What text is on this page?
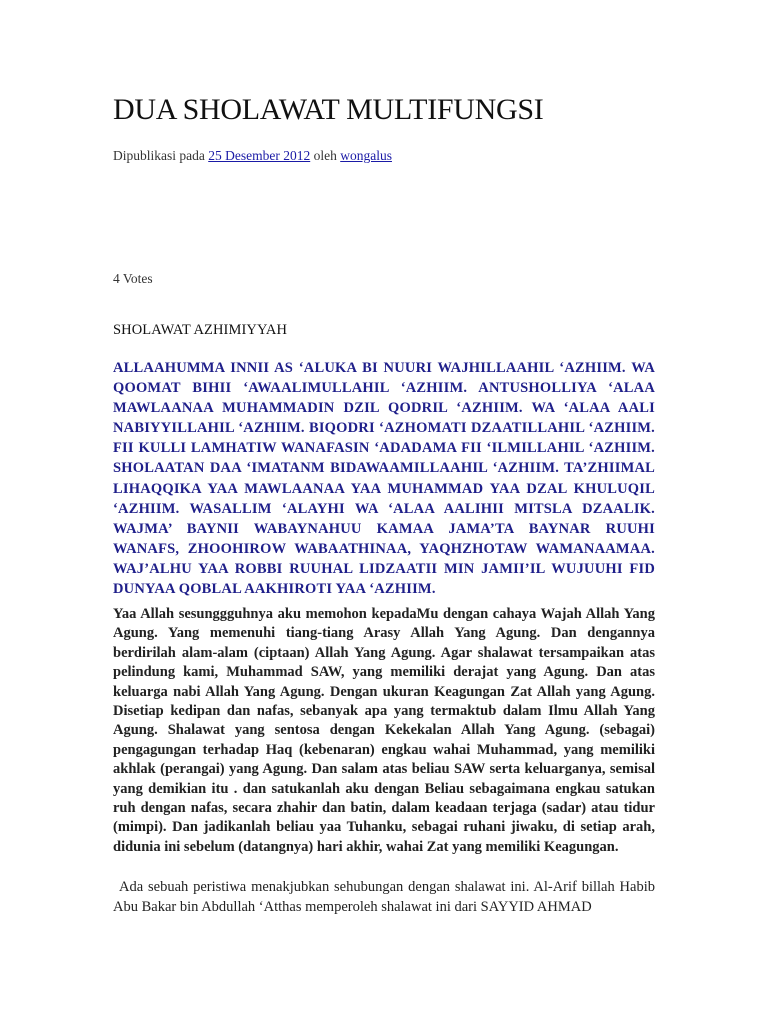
DUA SHOLAWAT MULTIFUNGSI
Dipublikasi pada 25 Desember 2012 oleh wongalus
4 Votes
SHOLAWAT AZHIMIYYAH

ALLAAHUMMA INNII AS ‘ALUKA BI NUURI WAJHILLAAHIL ‘AZHIIM. WA QOOMAT BIHII ‘AWAALIMULLAHIL ‘AZHIIM. ANTUSHOLLIYA ‘ALAA MAWLAANAA MUHAMMADIN DZIL QODRIL ‘AZHIIM. WA ‘ALAA AALI NABIYYILLAHIL ‘AZHIIM. BIQODRI ‘AZHOMATI DZAATILLAHIL ‘AZHIIM. FII KULLI LAMHATIW WANAFASIN ‘ADADAMA FII ‘ILMILLAHIL ‘AZHIIM. SHOLAATAN DAA ‘IMATANM BIDAWAAMILLAAHIL ‘AZHIIM. TA’ZHIIMAL LIHAQQIKA YAA MAWLAANAA YAA MUHAMMAD YAA DZAL KHULUQIL ‘AZHIIM. WASALLIM ‘ALAYHI WA ‘ALAA AALIHII MITSLA DZAALIK. WAJMA’ BAYNII WABAYNAHUU KAMAA JAMA’TA BAYNAR RUUHI WANAFS, ZHOOHIROW WABAATHINAA, YAQHZHOTAW WAMANAAMAA. WAJ’ALHU YAA ROBBI RUUHAL LIDZAATII MIN JAMII’IL WUJUUHI FID DUNYAA QOBLAL AAKHIROTI YAA ‘AZHIIM.

Yaa Allah sesunggguhnya aku memohon kepadaMu dengan cahaya Wajah Allah Yang Agung. Yang memenuhi tiang-tiang Arasy Allah Yang Agung. Dan dengannya berdirilah alam-alam (ciptaan) Allah Yang Agung. Agar shalawat tersampaikan atas pelindung kami, Muhammad SAW, yang memiliki derajat yang Agung. Dan atas keluarga nabi Allah Yang Agung. Dengan ukuran Keagungan Zat Allah yang Agung. Disetiap kedipan dan nafas, sebanyak apa yang termaktub dalam Ilmu Allah Yang Agung. Shalawat yang sentosa dengan Kekekalan Allah Yang Agung. (sebagai) pengagungan terhadap Haq (kebenaran) engkau wahai Muhammad, yang memiliki akhlak (perangai) yang Agung. Dan salam atas beliau SAW serta keluarganya, semisal yang demikian itu . dan satukanlah aku dengan Beliau sebagaimana engkau satukan ruh dengan nafas, secara zhahir dan batin, dalam keadaan terjaga (sadar) atau tidur (mimpi). Dan jadikanlah beliau yaa Tuhanku, sebagai ruhani jiwaku, di setiap arah, didunia ini sebelum (datangnya) hari akhir, wahai Zat yang memiliki Keagungan.

Ada sebuah peristiwa menakjubkan sehubungan dengan shalawat ini. Al-Arif billah Habib Abu Bakar bin Abdullah ‘Atthas memperoleh shalawat ini dari SAYYID AHMAD
